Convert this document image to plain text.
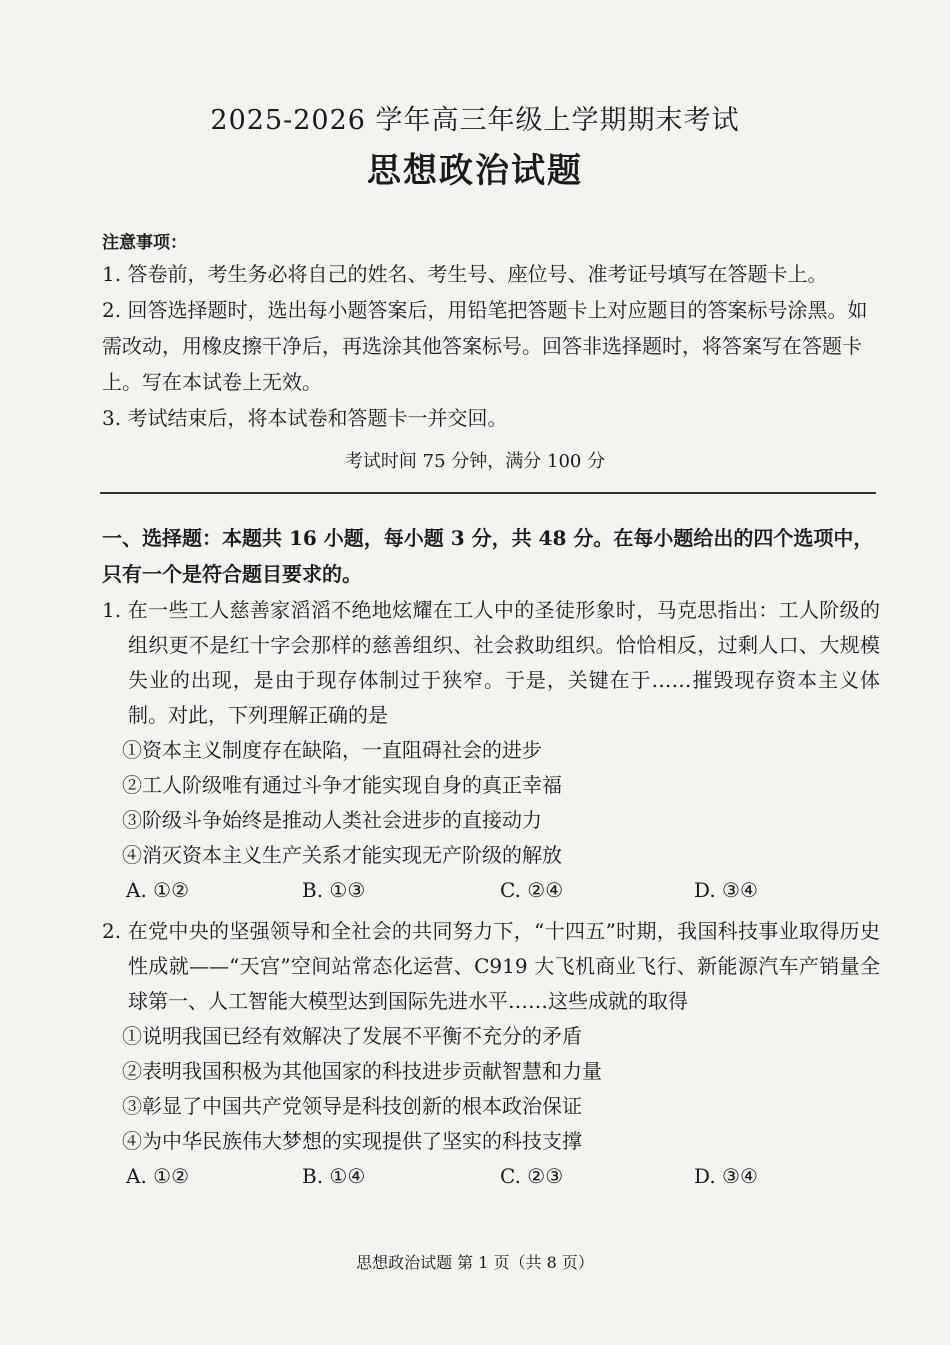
2025-2026 学年高三年级上学期期末考试
思想政治试题
注意事项：

1. 答卷前，考生务必将自己的姓名、考生号、座位号、准考证号填写在答题卡上。

2. 回答选择题时，选出每小题答案后，用铅笔把答题卡上对应题目的答案标号涂黑。如需改动，用橡皮擦干净后，再选涂其他答案标号。回答非选择题时，将答案写在答题卡上。写在本试卷上无效。

3. 考试结束后，将本试卷和答题卡一并交回。

考试时间 75 分钟，满分 100 分
一、选择题：本题共 16 小题，每小题 3 分，共 48 分。在每小题给出的四个选项中，只有一个是符合题目要求的。

1. 在一些工人慈善家滔滔不绝地炫耀在工人中的圣徒形象时，马克思指出：工人阶级的组织更不是红十字会那样的慈善组织、社会救助组织。恰恰相反，过剩人口、大规模失业的出现，是由于现存体制过于狭窄。于是，关键在于……摧毁现存资本主义体制。对此，下列理解正确的是

①资本主义制度存在缺陷，一直阻碍社会的进步

②工人阶级唯有通过斗争才能实现自身的真正幸福

③阶级斗争始终是推动人类社会进步的直接动力

④消灭资本主义生产关系才能实现无产阶级的解放

A. ①②	B. ①③	C. ②④	D. ③④

2. 在党中央的坚强领导和全社会的共同努力下，“十四五”时期，我国科技事业取得历史性成就——“天宫”空间站常态化运营、C919 大飞机商业飞行、新能源汽车产销量全球第一、人工智能大模型达到国际先进水平……这些成就的取得

①说明我国已经有效解决了发展不平衡不充分的矛盾

②表明我国积极为其他国家的科技进步贡献智慧和力量

③彰显了中国共产党领导是科技创新的根本政治保证

④为中华民族伟大梦想的实现提供了坚实的科技支撑

A. ①②	B. ①④	C. ②③	D. ③④
思想政治试题 第 1 页（共 8 页）
